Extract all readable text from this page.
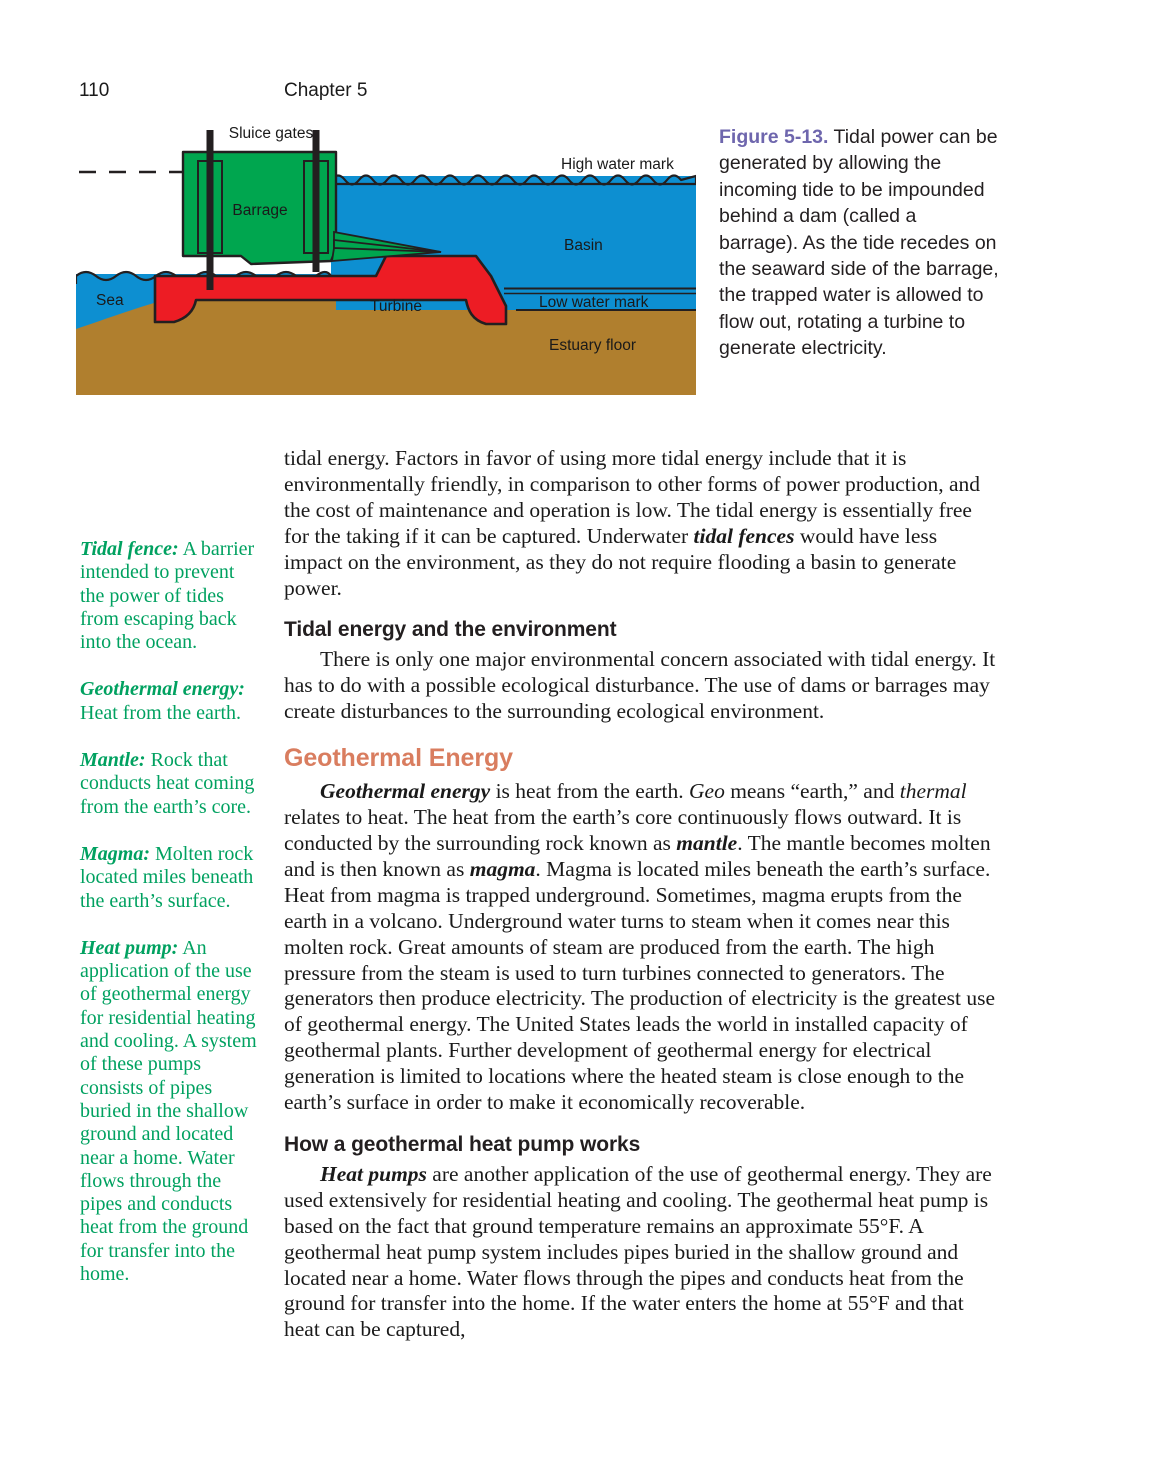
110	Chapter 5
Sluice gates
Barrage
High water mark
Basin
Sea	Turbine	Low water mark
Estuary floor
Figure 5-13. Tidal power can be generated by allowing the incoming tide to be impounded behind a dam (called a barrage). As the tide recedes on the seaward side of the barrage, the trapped water is allowed to flow out, rotating a turbine to generate electricity.

Tidal fence: A barrier intended to prevent the power of tides from escaping back into the ocean.

Geothermal energy: Heat from the earth.

Mantle: Rock that conducts heat coming from the earth’s core.

Magma: Molten rock located miles beneath the earth’s surface.

Heat pump: An application of the use of geothermal energy for residential heating and cooling. A system of these pumps consists of pipes buried in the shallow ground and located near a home. Water flows through the pipes and conducts heat from the ground for transfer into the home.

tidal energy. Factors in favor of using more tidal energy include that it is environmentally friendly, in comparison to other forms of power production, and the cost of maintenance and operation is low. The tidal energy is essentially free for the taking if it can be captured. Underwater tidal fences would have less impact on the environment, as they do not require flooding a basin to generate power.

Tidal energy and the environment

There is only one major environmental concern associated with tidal energy. It has to do with a possible ecological disturbance. The use of dams or barrages may create disturbances to the surrounding ecological environment.

Geothermal Energy

Geothermal energy is heat from the earth. Geo means “earth,” and thermal relates to heat. The heat from the earth’s core continuously flows outward. It is conducted by the surrounding rock known as mantle. The mantle becomes molten and is then known as magma. Magma is located miles beneath the earth’s surface. Heat from magma is trapped underground. Sometimes, magma erupts from the earth in a volcano. Underground water turns to steam when it comes near this molten rock. Great amounts of steam are produced from the earth. The high pressure from the steam is used to turn turbines connected to generators. The generators then produce electricity. The production of electricity is the greatest use of geothermal energy. The United States leads the world in installed capacity of geothermal plants. Further development of geothermal energy for electrical generation is limited to locations where the heated steam is close enough to the earth’s surface in order to make it economically recoverable.

How a geothermal heat pump works

Heat pumps are another application of the use of geothermal energy. They are used extensively for residential heating and cooling. The geothermal heat pump is based on the fact that ground temperature remains an approximate 55°F. A geothermal heat pump system includes pipes buried in the shallow ground and located near a home. Water flows through the pipes and conducts heat from the ground for transfer into the home. If the water enters the home at 55°F and that heat can be captured,
